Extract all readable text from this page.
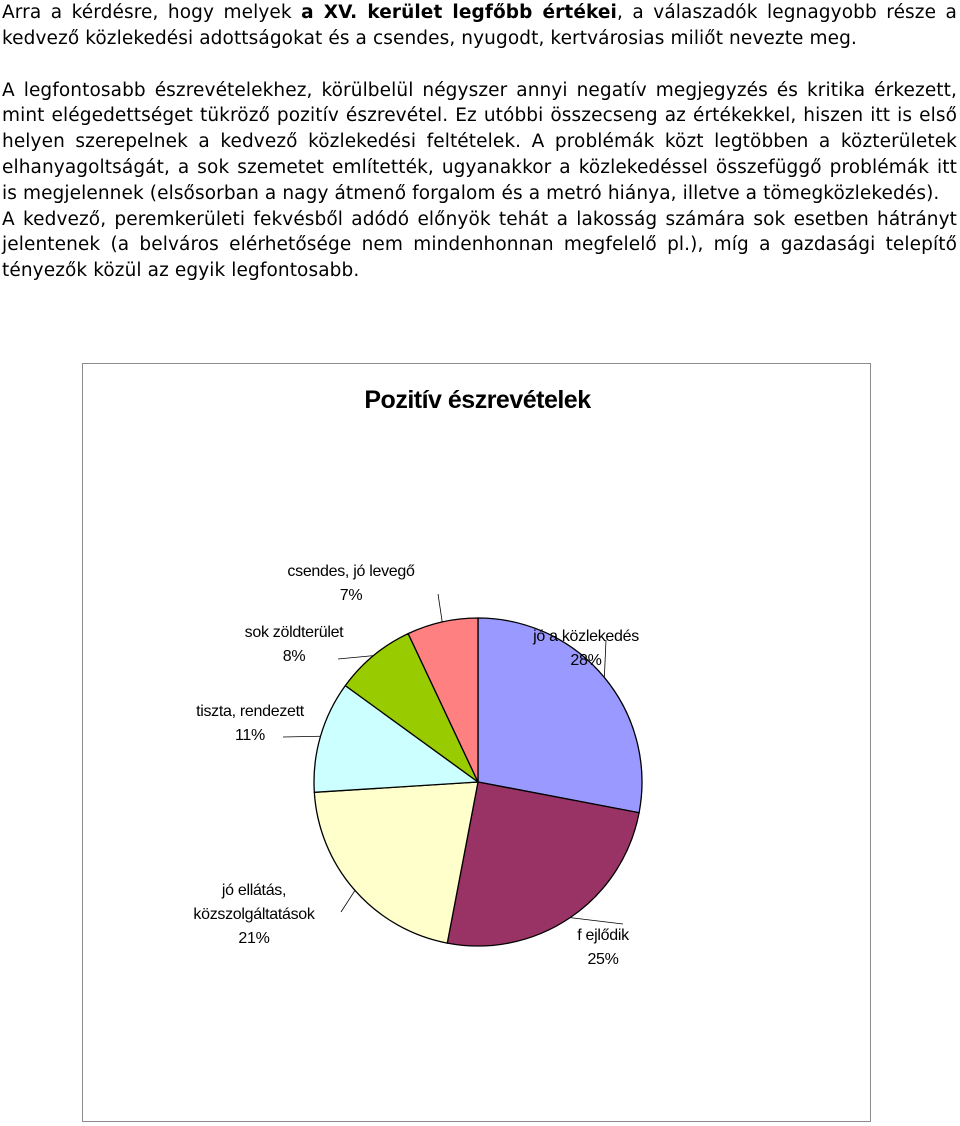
Arra a kérdésre, hogy melyek a XV. kerület legfőbb értékei, a válaszadók legnagyobb része a kedvező közlekedési adottságokat és a csendes, nyugodt, kertvárosias miliőt nevezte meg.

A legfontosabb észrevételekhez, körülbelül négyszer annyi negatív megjegyzés és kritika érkezett, mint elégedettséget tükröző pozitív észrevétel. Ez utóbbi összecseng az értékekkel, hiszen itt is első helyen szerepelnek a kedvező közlekedési feltételek. A problémák közt legtöbben a közterületek elhanyagoltságát, a sok szemetet említették, ugyanakkor a közlekedéssel összefüggő problémák itt is megjelennek (elsősorban a nagy átmenő forgalom és a metró hiánya, illetve a tömegközlekedés).

A kedvező, peremkerületi fekvésből adódó előnyök tehát a lakosság számára sok esetben hátrányt jelentenek (a belváros elérhetősége nem mindenhonnan megfelelő pl.), míg a gazdasági telepítő tényezők közül az egyik legfontosabb.

Pozitív észrevételek
jó a közlekedés
28%
f ejlődik
25%
jó ellátás,
közszolgáltatások
21%
tiszta, rendezett
11%
sok zöldterület
8%
csendes, jó levegő
7%
